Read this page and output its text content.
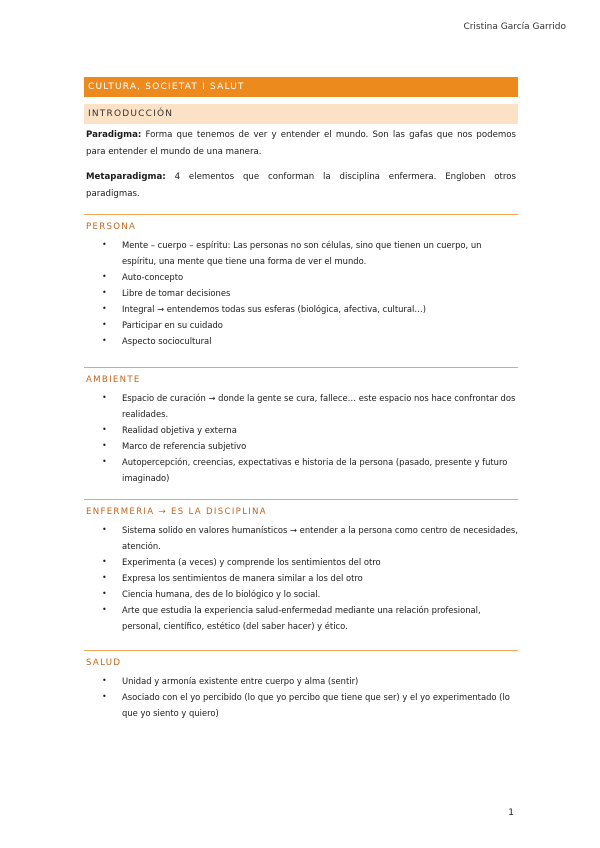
Cristina García Garrido
CULTURA, SOCIETAT I SALUT
INTRODUCCIÓN
Paradigma: Forma que tenemos de ver y entender el mundo. Son las gafas que nos podemos para entender el mundo de una manera.
Metaparadigma: 4 elementos que conforman la disciplina enfermera. Engloben otros paradigmas.
PERSONA
• Mente – cuerpo – espíritu: Las personas no son células, sino que tienen un cuerpo, un espíritu, una mente que tiene una forma de ver el mundo.
• Auto-concepto
• Libre de tomar decisiones
• Integral → entendemos todas sus esferas (biológica, afectiva, cultural…)
• Participar en su cuidado
• Aspecto sociocultural
AMBIENTE
• Espacio de curación → donde la gente se cura, fallece… este espacio nos hace confrontar dos realidades.
• Realidad objetiva y externa
• Marco de referencia subjetivo
• Autopercepción, creencias, expectativas e historia de la persona (pasado, presente y futuro imaginado)
ENFERMERIA → ES LA DISCIPLINA
• Sistema solido en valores humanísticos → entender a la persona como centro de necesidades, atención.
• Experimenta (a veces) y comprende los sentimientos del otro
• Expresa los sentimientos de manera similar a los del otro
• Ciencia humana, des de lo biológico y lo social.
• Arte que estudia la experiencia salud-enfermedad mediante una relación profesional, personal, científico, estético (del saber hacer) y ético.
SALUD
• Unidad y armonía existente entre cuerpo y alma (sentir)
• Asociado con el yo percibido (lo que yo percibo que tiene que ser) y el yo experimentado (lo que yo siento y quiero)
1
